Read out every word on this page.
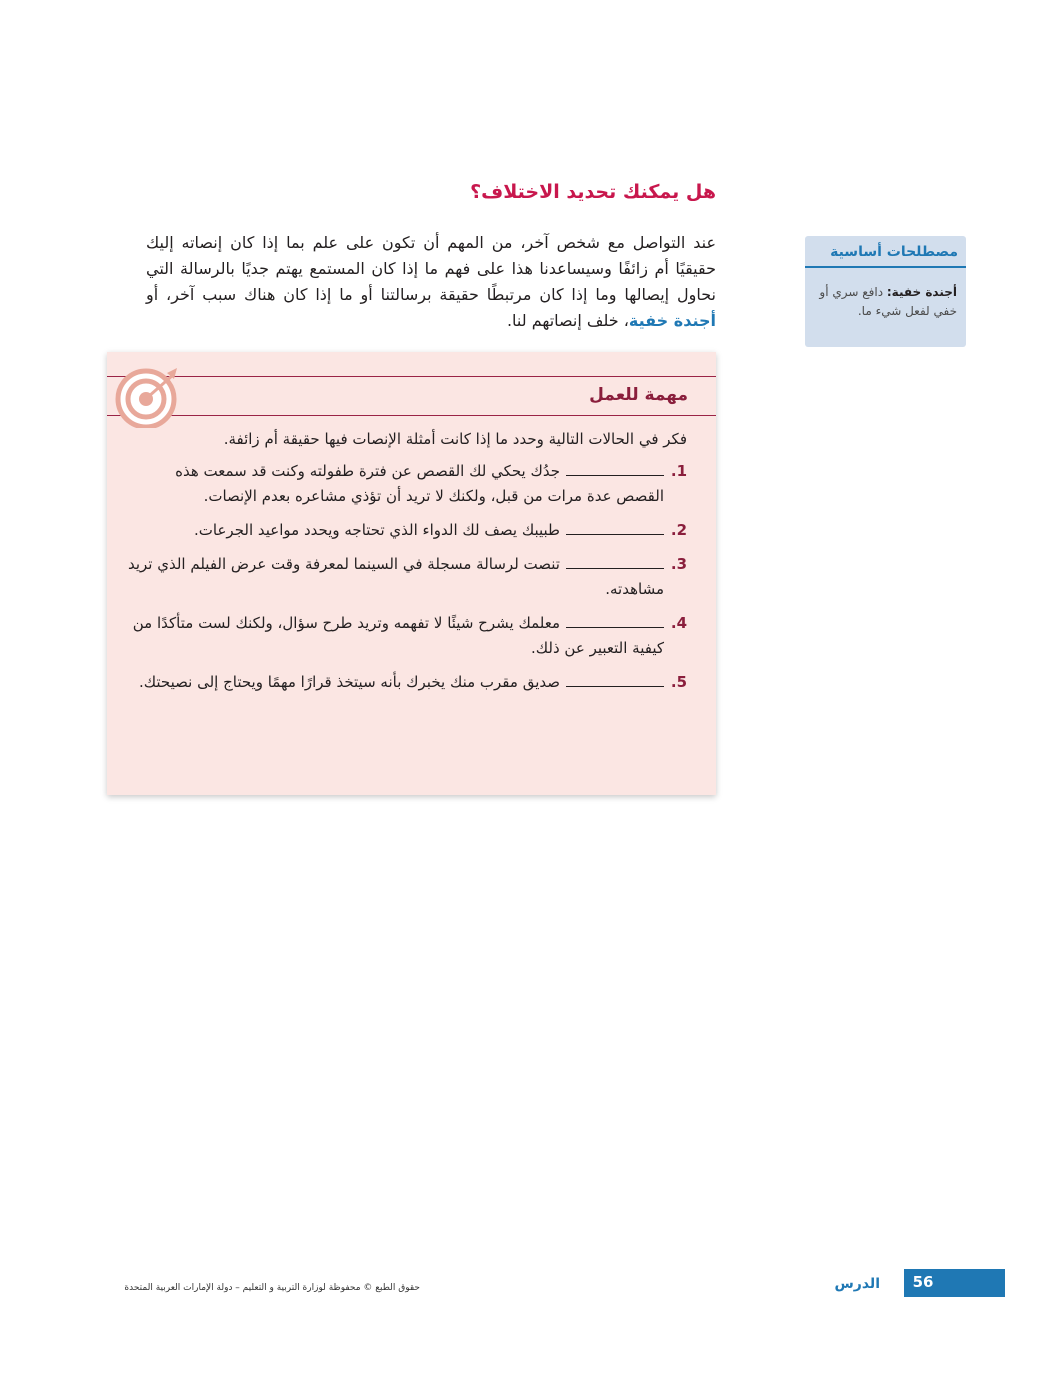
هل يمكنك تحديد الاختلاف؟

عند التواصل مع شخص آخر، من المهم أن تكون على علم بما إذا كان إنصاته إليك حقيقيًا أم زائفًا وسيساعدنا هذا على فهم ما إذا كان المستمع يهتم جديًا بالرسالة التي نحاول إيصالها وما إذا كان مرتبطًا حقيقة برسالتنا أو ما إذا كان هناك سبب آخر، أو أجندة خفية، خلف إنصاتهم لنا.

مصطلحات أساسية
أجندة خفية: دافع سري أو خفي لفعل شيء ما.
مهمة للعمل
فكر في الحالات التالية وحدد ما إذا كانت أمثلة الإنصات فيها حقيقة أم زائفة.
1.
جدُك يحكي لك القصص عن فترة طفولته وكنت قد سمعت هذه القصص عدة مرات من قبل، ولكنك لا تريد أن تؤذي مشاعره بعدم الإنصات.
2.
طبيبك يصف لك الدواء الذي تحتاجه ويحدد مواعيد الجرعات.
3.
تنصت لرسالة مسجلة في السينما لمعرفة وقت عرض الفيلم الذي تريد مشاهدته.
4.
معلمك يشرح شيئًا لا تفهمه وتريد طرح سؤال، ولكنك لست متأكدًا من كيفية التعبير عن ذلك.
5.
صديق مقرب منك يخبرك بأنه سيتخذ قرارًا مهمًا ويحتاج إلى نصيحتك.
56
الدرس
حقوق الطبع © محفوظة لوزارة التربية و التعليم – دولة الإمارات العربية المتحدة
